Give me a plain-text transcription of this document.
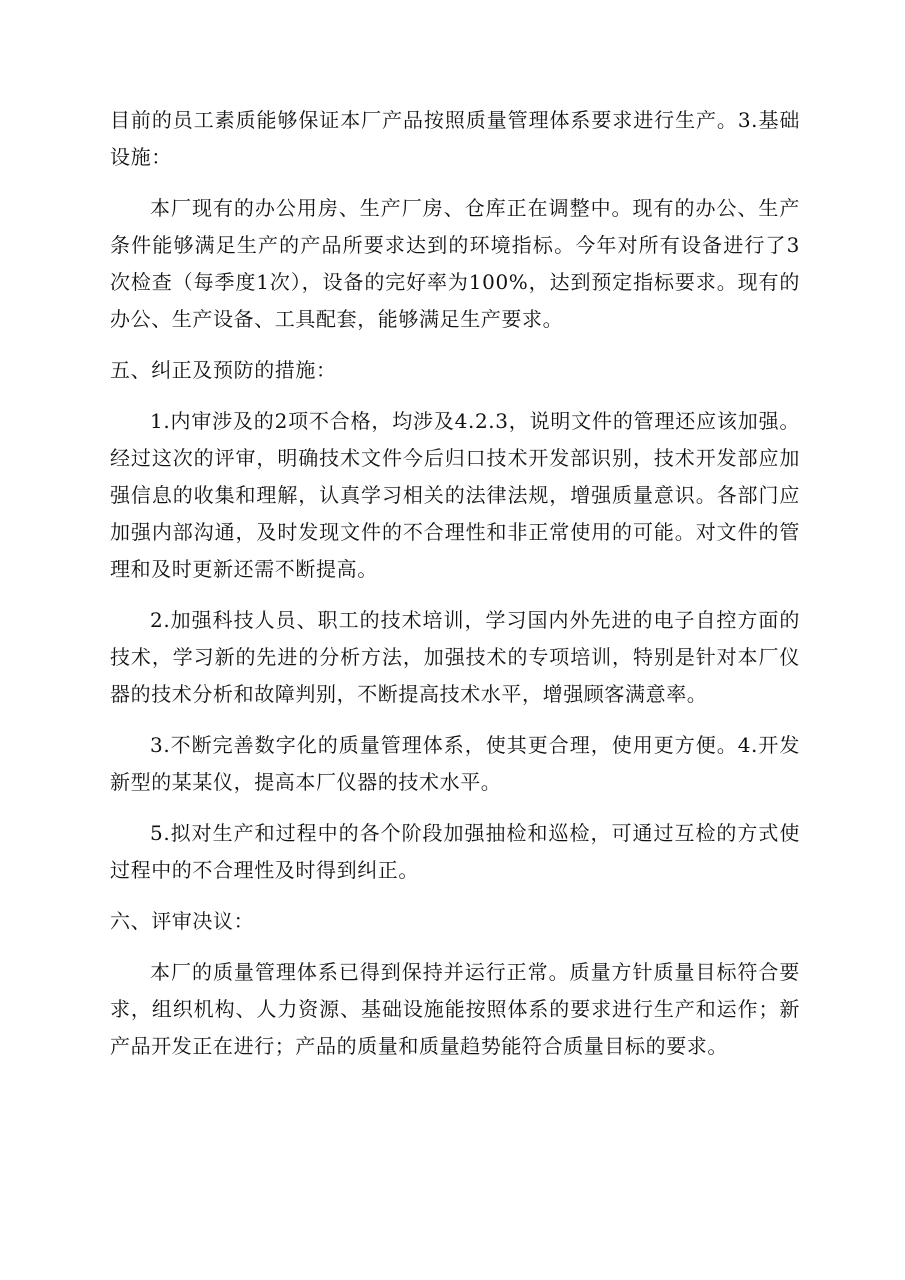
目前的员工素质能够保证本厂产品按照质量管理体系要求进行生产。3.基础设施：

本厂现有的办公用房、生产厂房、仓库正在调整中。现有的办公、生产条件能够满足生产的产品所要求达到的环境指标。今年对所有设备进行了3次检查（每季度1次），设备的完好率为100%，达到预定指标要求。现有的办公、生产设备、工具配套，能够满足生产要求。

五、纠正及预防的措施：

1.内审涉及的2项不合格，均涉及4.2.3，说明文件的管理还应该加强。经过这次的评审，明确技术文件今后归口技术开发部识别，技术开发部应加强信息的收集和理解，认真学习相关的法律法规，增强质量意识。各部门应加强内部沟通，及时发现文件的不合理性和非正常使用的可能。对文件的管理和及时更新还需不断提高。

2.加强科技人员、职工的技术培训，学习国内外先进的电子自控方面的技术，学习新的先进的分析方法，加强技术的专项培训，特别是针对本厂仪器的技术分析和故障判别，不断提高技术水平，增强顾客满意率。

3.不断完善数字化的质量管理体系，使其更合理，使用更方便。4.开发新型的某某仪，提高本厂仪器的技术水平。

5.拟对生产和过程中的各个阶段加强抽检和巡检，可通过互检的方式使过程中的不合理性及时得到纠正。

六、评审决议：

本厂的质量管理体系已得到保持并运行正常。质量方针质量目标符合要求，组织机构、人力资源、基础设施能按照体系的要求进行生产和运作；新产品开发正在进行；产品的质量和质量趋势能符合质量目标的要求。
